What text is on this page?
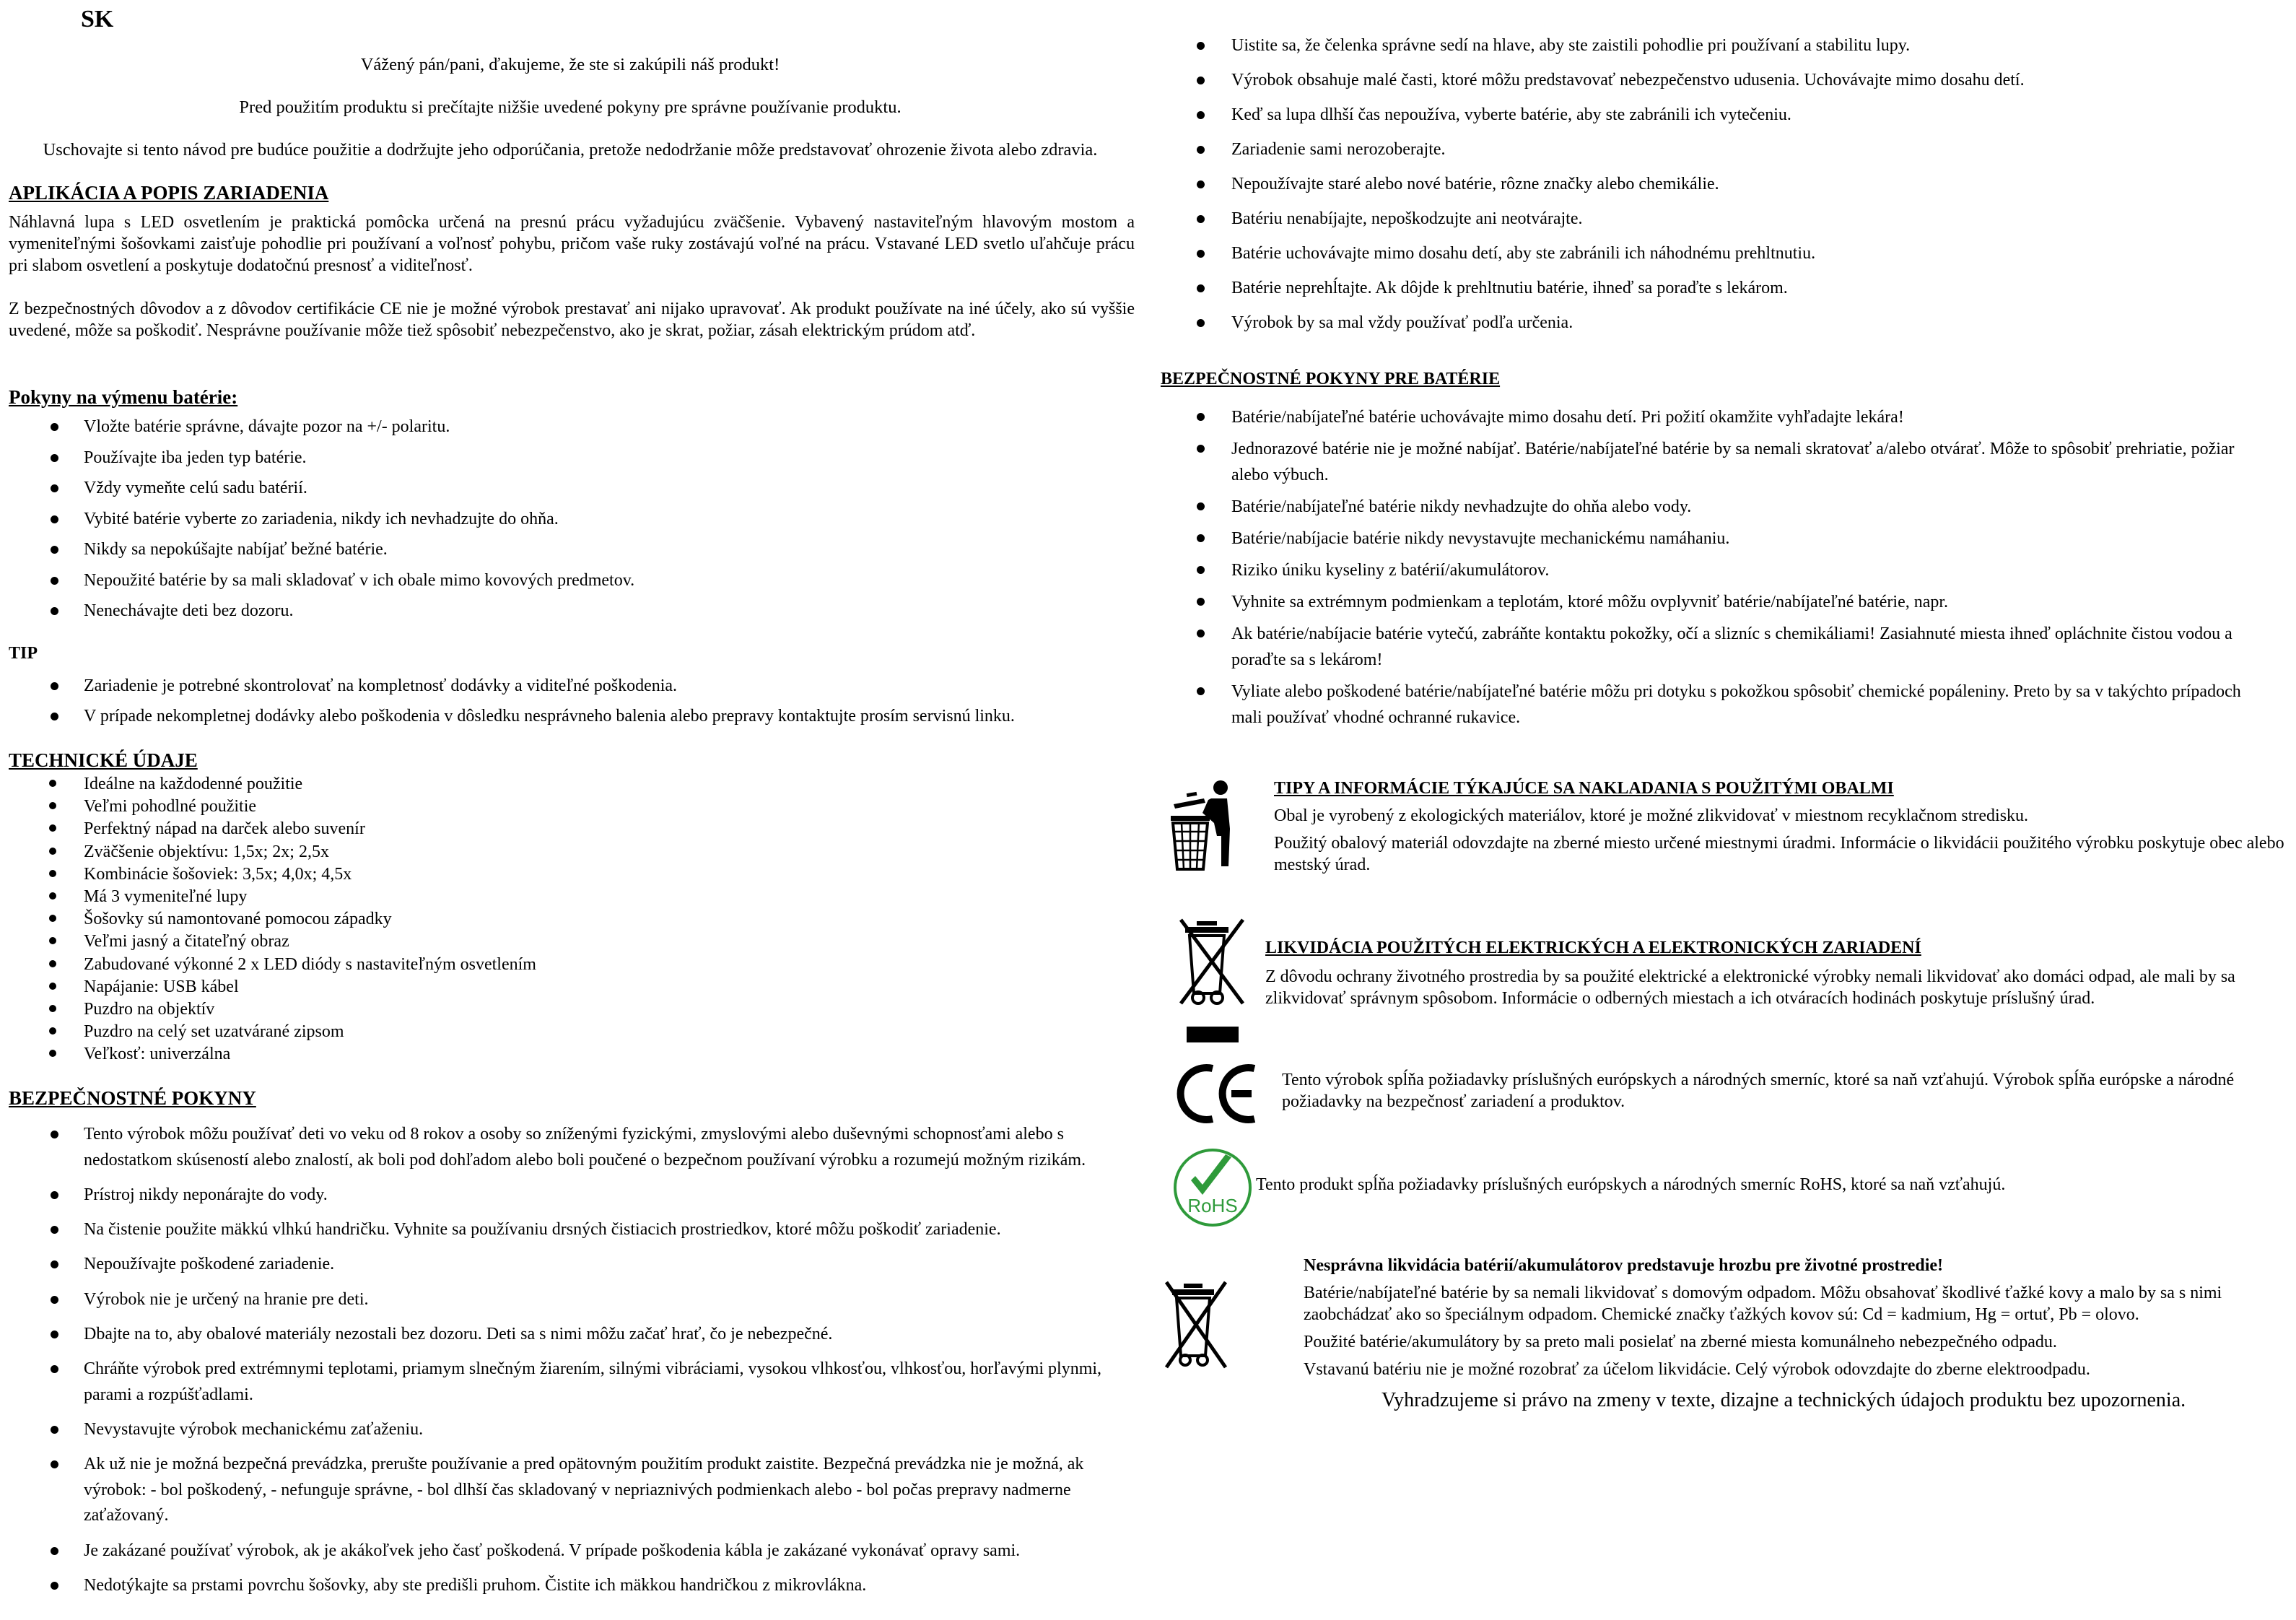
SK
Vážený pán/pani, ďakujeme, že ste si zakúpili náš produkt!
Pred použitím produktu si prečítajte nižšie uvedené pokyny pre správne používanie produktu.
Uschovajte si tento návod pre budúce použitie a dodržujte jeho odporúčania, pretože nedodržanie môže predstavovať ohrozenie života alebo zdravia.
APLIKÁCIA A POPIS ZARIADENIA
Náhlavná lupa s LED osvetlením je praktická pomôcka určená na presnú prácu vyžadujúcu zväčšenie. Vybavený nastaviteľným hlavovým mostom a vymeniteľnými šošovkami zaisťuje pohodlie pri používaní a voľnosť pohybu, pričom vaše ruky zostávajú voľné na prácu. Vstavané LED svetlo uľahčuje prácu pri slabom osvetlení a poskytuje dodatočnú presnosť a viditeľnosť.
Z bezpečnostných dôvodov a z dôvodov certifikácie CE nie je možné výrobok prestavať ani nijako upravovať. Ak produkt používate na iné účely, ako sú vyššie uvedené, môže sa poškodiť. Nesprávne používanie môže tiež spôsobiť nebezpečenstvo, ako je skrat, požiar, zásah elektrickým prúdom atď.
Pokyny na výmenu batérie:
Vložte batérie správne, dávajte pozor na +/- polaritu.
Používajte iba jeden typ batérie.
Vždy vymeňte celú sadu batérií.
Vybité batérie vyberte zo zariadenia, nikdy ich nevhadzujte do ohňa.
Nikdy sa nepokúšajte nabíjať bežné batérie.
Nepoužité batérie by sa mali skladovať v ich obale mimo kovových predmetov.
Nenechávajte deti bez dozoru.
TIP
Zariadenie je potrebné skontrolovať na kompletnosť dodávky a viditeľné poškodenia.
V prípade nekompletnej dodávky alebo poškodenia v dôsledku nesprávneho balenia alebo prepravy kontaktujte prosím servisnú linku.
TECHNICKÉ ÚDAJE
Ideálne na každodenné použitie
Veľmi pohodlné použitie
Perfektný nápad na darček alebo suvenír
Zväčšenie objektívu: 1,5x; 2x; 2,5x
Kombinácie šošoviek: 3,5x; 4,0x; 4,5x
Má 3 vymeniteľné lupy
Šošovky sú namontované pomocou západky
Veľmi jasný a čitateľný obraz
Zabudované výkonné 2 x LED diódy s nastaviteľným osvetlením
Napájanie: USB kábel
Puzdro na objektív
Puzdro na celý set uzatvárané zipsom
Veľkosť: univerzálna
BEZPEČNOSTNÉ POKYNY
Tento výrobok môžu používať deti vo veku od 8 rokov a osoby so zníženými fyzickými, zmyslovými alebo duševnými schopnosťami alebo s nedostatkom skúseností alebo znalostí, ak boli pod dohľadom alebo boli poučené o bezpečnom používaní výrobku a rozumejú možným rizikám.
Prístroj nikdy neponárajte do vody.
Na čistenie použite mäkkú vlhkú handričku. Vyhnite sa používaniu drsných čistiacich prostriedkov, ktoré môžu poškodiť zariadenie.
Nepoužívajte poškodené zariadenie.
Výrobok nie je určený na hranie pre deti.
Dbajte na to, aby obalové materiály nezostali bez dozoru. Deti sa s nimi môžu začať hrať, čo je nebezpečné.
Chráňte výrobok pred extrémnymi teplotami, priamym slnečným žiarením, silnými vibráciami, vysokou vlhkosťou, vlhkosťou, horľavými plynmi, parami a rozpúšťadlami.
Nevystavujte výrobok mechanickému zaťaženiu.
Ak už nie je možná bezpečná prevádzka, prerušte používanie a pred opätovným použitím produkt zaistite. Bezpečná prevádzka nie je možná, ak výrobok: - bol poškodený, - nefunguje správne, - bol dlhší čas skladovaný v nepriaznivých podmienkach alebo - bol počas prepravy nadmerne zaťažovaný.
Je zakázané používať výrobok, ak je akákoľvek jeho časť poškodená. V prípade poškodenia kábla je zakázané vykonávať opravy sami.
Nedotýkajte sa prstami povrchu šošovky, aby ste predišli pruhom. Čistite ich mäkkou handričkou z mikrovlákna.
Uistite sa, že čelenka správne sedí na hlave, aby ste zaistili pohodlie pri používaní a stabilitu lupy.
Výrobok obsahuje malé časti, ktoré môžu predstavovať nebezpečenstvo udusenia. Uchovávajte mimo dosahu detí.
Keď sa lupa dlhší čas nepoužíva, vyberte batérie, aby ste zabránili ich vytečeniu.
Zariadenie sami nerozoberajte.
Nepoužívajte staré alebo nové batérie, rôzne značky alebo chemikálie.
Batériu nenabíjajte, nepoškodzujte ani neotvárajte.
Batérie uchovávajte mimo dosahu detí, aby ste zabránili ich náhodnému prehltnutiu.
Batérie neprehĺtajte. Ak dôjde k prehltnutiu batérie, ihneď sa poraďte s lekárom.
Výrobok by sa mal vždy používať podľa určenia.
BEZPEČNOSTNÉ POKYNY PRE BATÉRIE
Batérie/nabíjateľné batérie uchovávajte mimo dosahu detí. Pri požití okamžite vyhľadajte lekára!
Jednorazové batérie nie je možné nabíjať. Batérie/nabíjateľné batérie by sa nemali skratovať a/alebo otvárať. Môže to spôsobiť prehriatie, požiar alebo výbuch.
Batérie/nabíjateľné batérie nikdy nevhadzujte do ohňa alebo vody.
Batérie/nabíjacie batérie nikdy nevystavujte mechanickému namáhaniu.
Riziko úniku kyseliny z batérií/akumulátorov.
Vyhnite sa extrémnym podmienkam a teplotám, ktoré môžu ovplyvniť batérie/nabíjateľné batérie, napr.
Ak batérie/nabíjacie batérie vytečú, zabráňte kontaktu pokožky, očí a slizníc s chemikáliami! Zasiahnuté miesta ihneď opláchnite čistou vodou a poraďte sa s lekárom!
Vyliate alebo poškodené batérie/nabíjateľné batérie môžu pri dotyku s pokožkou spôsobiť chemické popáleniny. Preto by sa v takýchto prípadoch mali používať vhodné ochranné rukavice.
TIPY A INFORMÁCIE TÝKAJÚCE SA NAKLADANIA S POUŽITÝMI OBALMI

Obal je vyrobený z ekologických materiálov, ktoré je možné zlikvidovať v miestnom recyklačnom stredisku.

Použitý obalový materiál odovzdajte na zberné miesto určené miestnymi úradmi. Informácie o likvidácii použitého výrobku poskytuje obec alebo mestský úrad.

LIKVIDÁCIA POUŽITÝCH ELEKTRICKÝCH A ELEKTRONICKÝCH ZARIADENÍ
Z dôvodu ochrany životného prostredia by sa použité elektrické a elektronické výrobky nemali likvidovať ako domáci odpad, ale mali by sa zlikvidovať správnym spôsobom. Informácie o odberných miestach a ich otváracích hodinách poskytuje príslušný úrad.
Tento výrobok spĺňa požiadavky príslušných európskych a národných smerníc, ktoré sa naň vzťahujú. Výrobok spĺňa európske a národné požiadavky na bezpečnosť zariadení a produktov.
RoHS
Tento produkt spĺňa požiadavky príslušných európskych a národných smerníc RoHS, ktoré sa naň vzťahujú.
Nesprávna likvidácia batérií/akumulátorov predstavuje hrozbu pre životné prostredie!

Batérie/nabíjateľné batérie by sa nemali likvidovať s domovým odpadom. Môžu obsahovať škodlivé ťažké kovy a malo by sa s nimi zaobchádzať ako so špeciálnym odpadom. Chemické značky ťažkých kovov sú: Cd = kadmium, Hg = ortuť, Pb = olovo.

Použité batérie/akumulátory by sa preto mali posielať na zberné miesta komunálneho nebezpečného odpadu.

Vstavanú batériu nie je možné rozobrať za účelom likvidácie. Celý výrobok odovzdajte do zberne elektroodpadu.

Vyhradzujeme si právo na zmeny v texte, dizajne a technických údajoch produktu bez upozornenia.
